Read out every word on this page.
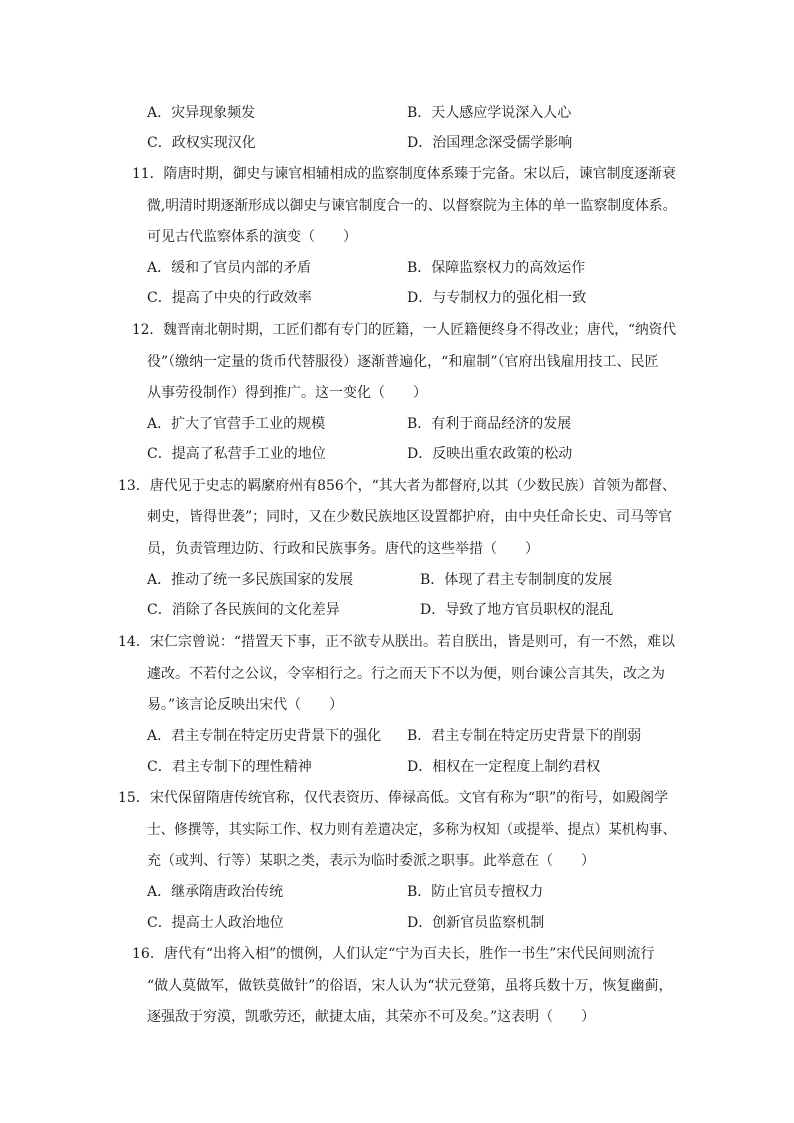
A．灾异现象频发	B．天人感应学说深入人心
C．政权实现汉化	D．治国理念深受儒学影响
11．隋唐时期，御史与谏官相辅相成的监察制度体系臻于完备。宋以后，谏官制度逐渐衰
微,明清时期逐渐形成以御史与谏官制度合一的、以督察院为主体的单一监察制度体系。
可见古代监察体系的演变（　　）
A．缓和了官员内部的矛盾	B．保障监察权力的高效运作
C．提高了中央的行政效率	D．与专制权力的强化相一致
12．魏晋南北朝时期，工匠们都有专门的匠籍，一人匠籍便终身不得改业；唐代，“纳资代
役”（缴纳一定量的货币代替服役）逐渐普遍化，“和雇制”（官府出钱雇用技工、民匠
从事劳役制作）得到推广。这一变化（　　）
A．扩大了官营手工业的规模	B．有利于商品经济的发展
C．提高了私营手工业的地位	D．反映出重农政策的松动
13．唐代见于史志的羁縻府州有856个，“其大者为都督府,以其（少数民族）首领为都督、
刺史，皆得世袭”；同时，又在少数民族地区设置都护府，由中央任命长史、司马等官
员，负责管理边防、行政和民族事务。唐代的这些举措（　　）
A．推动了统一多民族国家的发展	B．体现了君主专制制度的发展
C．消除了各民族间的文化差异	D．导致了地方官员职权的混乱
14．宋仁宗曾说：“措置天下事，正不欲专从朕出。若自朕出，皆是则可，有一不然，难以
遽改。不若付之公议，令宰相行之。行之而天下不以为便，则台谏公言其失，改之为
易。”该言论反映出宋代（　　）
A．君主专制在特定历史背景下的强化 B．君主专制在特定历史背景下的削弱
C．君主专制下的理性精神	D．相权在一定程度上制约君权
15．宋代保留隋唐传统官称，仅代表资历、俸禄高低。文官有称为“职”的衔号，如殿阁学
士、修撰等，其实际工作、权力则有差遣决定，多称为权知（或提举、提点）某机构事、
充（或判、行等）某职之类，表示为临时委派之职事。此举意在（　　）
A．继承隋唐政治传统	B．防止官员专擅权力
C．提高士人政治地位	D．创新官员监察机制
16．唐代有“出将入相”的惯例，人们认定“宁为百夫长，胜作一书生”宋代民间则流行
“做人莫做军，做铁莫做针”的俗语，宋人认为“状元登第，虽将兵数十万，恢复幽蓟，
逐强敌于穷漠，凯歌劳还，献捷太庙，其荣亦不可及矣。”这表明（　　）
